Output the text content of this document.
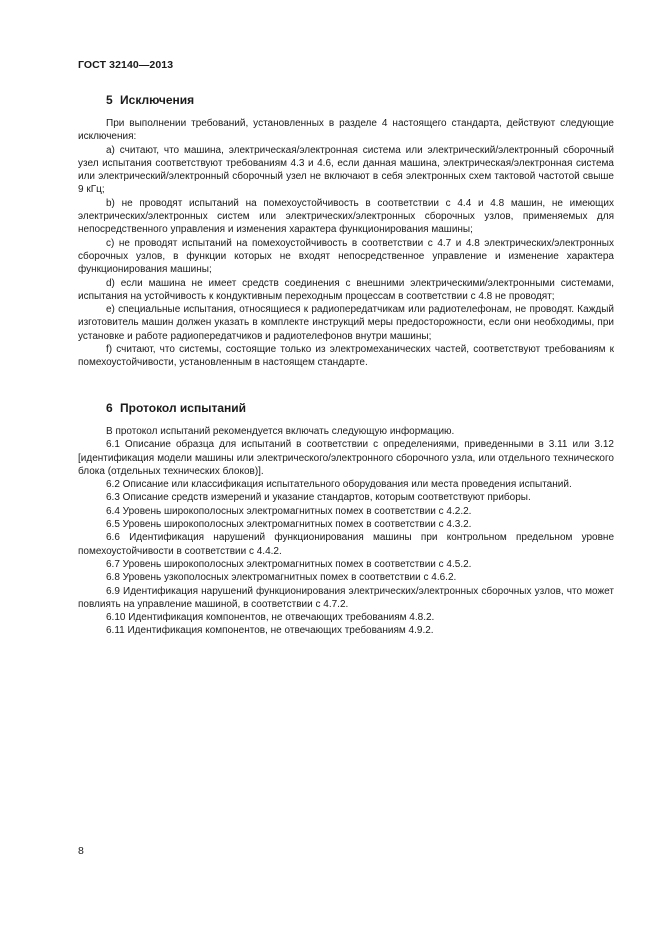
ГОСТ 32140—2013
5 Исключения

При выполнении требований, установленных в разделе 4 настоящего стандарта, действуют следующие исключения:

а) считают, что машина, электрическая/электронная система или электрический/электронный сборочный узел испытания соответствуют требованиям 4.3 и 4.6, если данная машина, электрическая/электронная система или электрический/электронный сборочный узел не включают в себя электронных схем тактовой частотой свыше 9 кГц;

b) не проводят испытаний на помехоустойчивость в соответствии с 4.4 и 4.8 машин, не имеющих электрических/электронных систем или электрических/электронных сборочных узлов, применяемых для непосредственного управления и изменения характера функционирования машины;

с) не проводят испытаний на помехоустойчивость в соответствии с 4.7 и 4.8 электрических/электронных сборочных узлов, в функции которых не входят непосредственное управление и изменение характера функционирования машины;

d) если машина не имеет средств соединения с внешними электрическими/электронными системами, испытания на устойчивость к кондуктивным переходным процессам в соответствии с 4.8 не проводят;

е) специальные испытания, относящиеся к радиопередатчикам или радиотелефонам, не проводят. Каждый изготовитель машин должен указать в комплекте инструкций меры предосторожности, если они необходимы, при установке и работе радиопередатчиков и радиотелефонов внутри машины;

f) считают, что системы, состоящие только из электромеханических частей, соответствуют требованиям к помехоустойчивости, установленным в настоящем стандарте.

6 Протокол испытаний

В протокол испытаний рекомендуется включать следующую информацию.

6.1 Описание образца для испытаний в соответствии с определениями, приведенными в 3.11 или 3.12 [идентификация модели машины или электрического/электронного сборочного узла, или отдельного технического блока (отдельных технических блоков)].

6.2 Описание или классификация испытательного оборудования или места проведения испытаний.

6.3 Описание средств измерений и указание стандартов, которым соответствуют приборы.

6.4 Уровень широкополосных электромагнитных помех в соответствии с 4.2.2.

6.5 Уровень широкополосных электромагнитных помех в соответствии с 4.3.2.

6.6 Идентификация нарушений функционирования машины при контрольном предельном уровне помехоустойчивости в соответствии с 4.4.2.

6.7 Уровень широкополосных электромагнитных помех в соответствии с 4.5.2.

6.8 Уровень узкополосных электромагнитных помех в соответствии с 4.6.2.

6.9 Идентификация нарушений функционирования электрических/электронных сборочных узлов, что может повлиять на управление машиной, в соответствии с 4.7.2.

6.10 Идентификация компонентов, не отвечающих требованиям 4.8.2.

6.11 Идентификация компонентов, не отвечающих требованиям 4.9.2.

8
